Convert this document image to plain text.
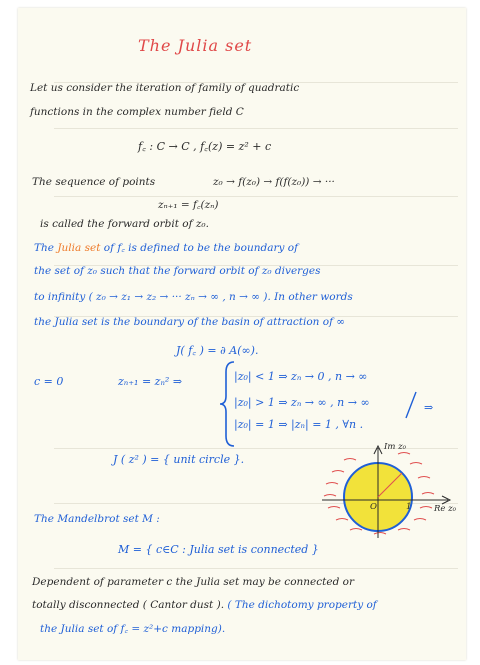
The Julia set
Let us consider the iteration of family of quadratic
functions in the complex number field C
f꜀ : C → C , f꜀(z) = z² + c
The sequence of points	z₀ → f(z₀) → f(f(z₀)) → ···
zₙ₊₁ = f꜀(zₙ)
is called the forward orbit of z₀.
The Julia set of f꜀ is defined to be the boundary of
the set of z₀ such that the forward orbit of z₀ diverges
to infinity ( z₀ → z₁ → z₂ → ··· zₙ → ∞ , n → ∞ ). In other words
the Julia set is the boundary of the basin of attraction of ∞
J( f꜀ ) = ∂ A(∞).
c = 0	zₙ₊₁ = zₙ² ⇒	|z₀| < 1 ⇒ zₙ → 0 , n → ∞
|z₀| > 1 ⇒ zₙ → ∞ , n → ∞
|z₀| = 1 ⇒ |zₙ| = 1 , ∀n .
⇒
J ( z² ) = { unit circle }.
Im z₀
Re z₀
O	1
The Mandelbrot set M :
M = { c∈C : Julia set is connected }
Dependent of parameter c the Julia set may be connected or
totally disconnected ( Cantor dust ). ( The dichotomy property of
the Julia set of f꜀ = z²+c mapping).
